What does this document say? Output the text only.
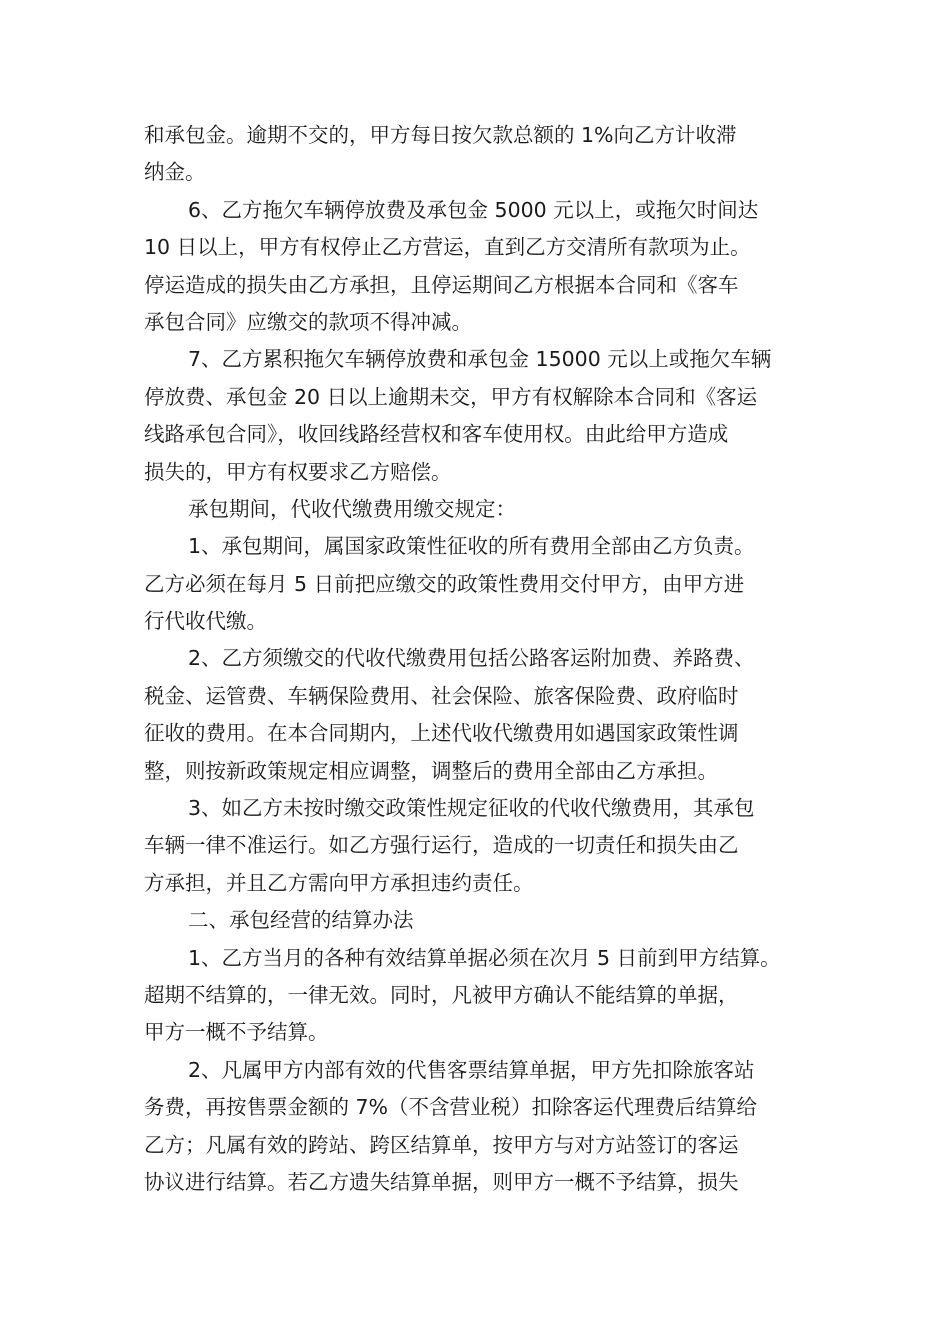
和承包金。逾期不交的，甲方每日按欠款总额的 1%向乙方计收滞
纳金。
6、乙方拖欠车辆停放费及承包金 5000 元以上，或拖欠时间达
10 日以上，甲方有权停止乙方营运，直到乙方交清所有款项为止。
停运造成的损失由乙方承担，且停运期间乙方根据本合同和《客车
承包合同》应缴交的款项不得冲减。
7、乙方累积拖欠车辆停放费和承包金 15000 元以上或拖欠车辆
停放费、承包金 20 日以上逾期未交，甲方有权解除本合同和《客运
线路承包合同》，收回线路经营权和客车使用权。由此给甲方造成
损失的，甲方有权要求乙方赔偿。
承包期间，代收代缴费用缴交规定：
1、承包期间，属国家政策性征收的所有费用全部由乙方负责。
乙方必须在每月 5 日前把应缴交的政策性费用交付甲方，由甲方进
行代收代缴。
2、乙方须缴交的代收代缴费用包括公路客运附加费、养路费、
税金、运管费、车辆保险费用、社会保险、旅客保险费、政府临时
征收的费用。在本合同期内，上述代收代缴费用如遇国家政策性调
整，则按新政策规定相应调整，调整后的费用全部由乙方承担。
3、如乙方未按时缴交政策性规定征收的代收代缴费用，其承包
车辆一律不准运行。如乙方强行运行，造成的一切责任和损失由乙
方承担，并且乙方需向甲方承担违约责任。
二、承包经营的结算办法
1、乙方当月的各种有效结算单据必须在次月 5 日前到甲方结算。
超期不结算的，一律无效。同时，凡被甲方确认不能结算的单据，
甲方一概不予结算。
2、凡属甲方内部有效的代售客票结算单据，甲方先扣除旅客站
务费，再按售票金额的 7%（不含营业税）扣除客运代理费后结算给
乙方；凡属有效的跨站、跨区结算单，按甲方与对方站签订的客运
协议进行结算。若乙方遗失结算单据，则甲方一概不予结算，损失
